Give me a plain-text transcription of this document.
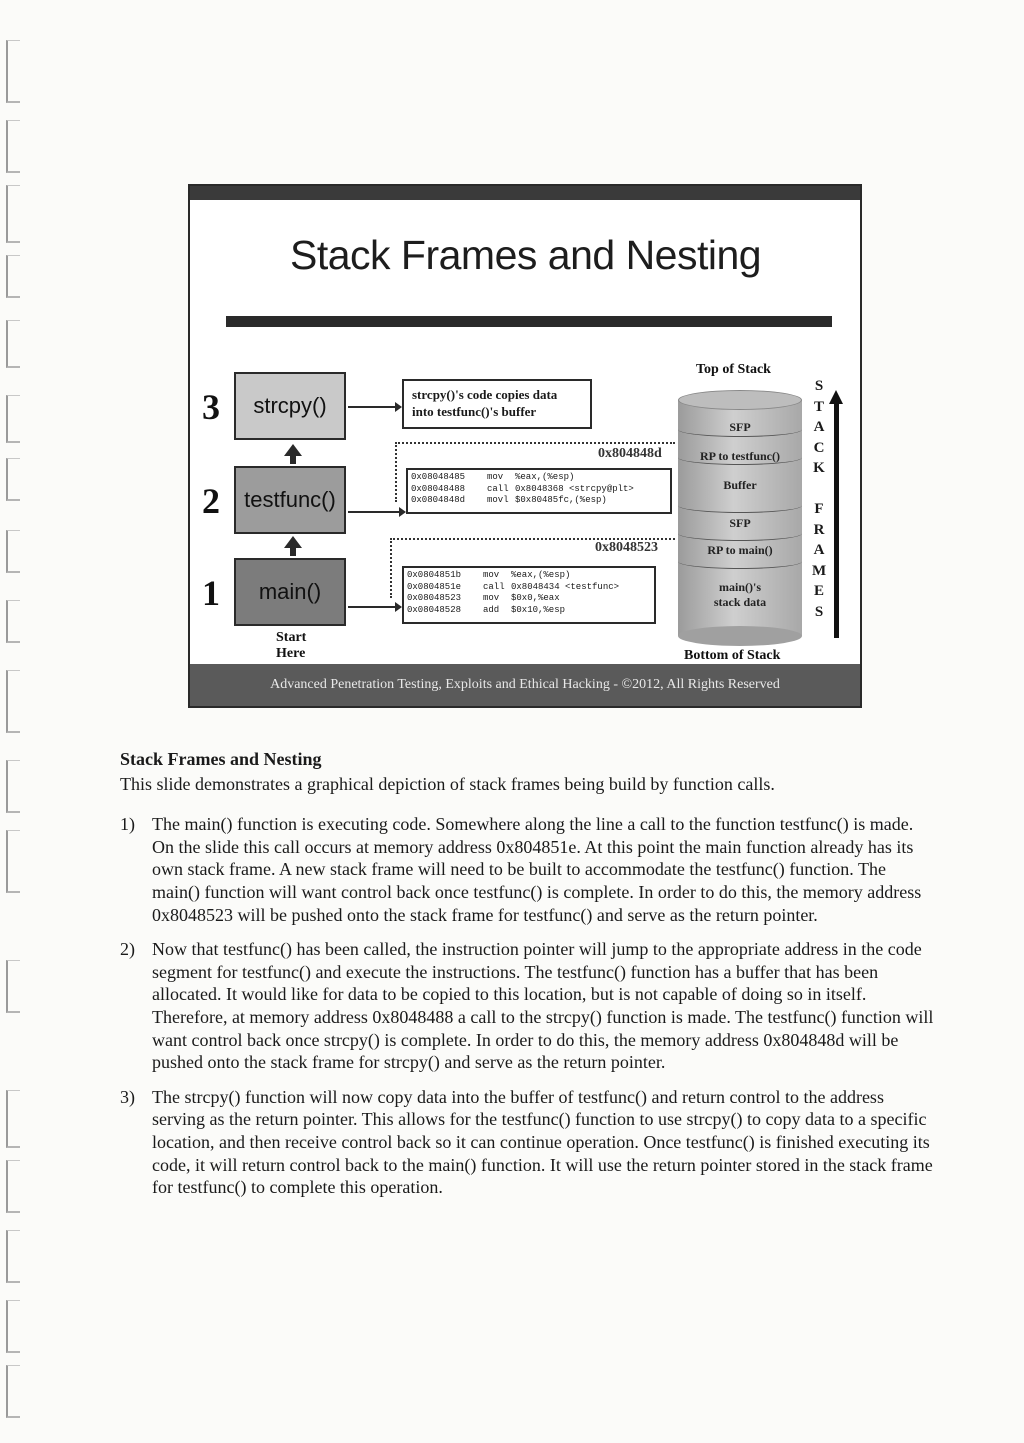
Stack Frames and Nesting
3	strcpy()
2	testfunc()
1	main()
Start Here
strcpy()'s code copies data into testfunc()'s buffer
0x804848d
0x08048485	mov	%eax,(%esp)
0x08048488	call 0x8048368 <strcpy@plt>
0x0804848d	movl $0x80485fc,(%esp)
0x8048523
0x0804851b	mov	%eax,(%esp)
0x0804851e	call 0x8048434 <testfunc>
0x08048523	mov	$0x0,%eax
0x08048528	add	$0x10,%esp
Top of Stack
SFP
RP to testfunc()
Buffer
SFP
RP to main()
main()'s stack data
Bottom of Stack
S
T
A
C
K
F
R
A
M
E
S
Advanced Penetration Testing, Exploits and Ethical Hacking - ©2012, All Rights Reserved

Stack Frames and Nesting

This slide demonstrates a graphical depiction of stack frames being build by function calls.

1) The main() function is executing code. Somewhere along the line a call to the function testfunc() is made. On the slide this call occurs at memory address 0x804851e. At this point the main function already has its own stack frame. A new stack frame will need to be built to accommodate the testfunc() function. The main() function will want control back once testfunc() is complete. In order to do this, the memory address 0x8048523 will be pushed onto the stack frame for testfunc() and serve as the return pointer.
2) Now that testfunc() has been called, the instruction pointer will jump to the appropriate address in the code segment for testfunc() and execute the instructions. The testfunc() function has a buffer that has been allocated. It would like for data to be copied to this location, but is not capable of doing so in itself. Therefore, at memory address 0x8048488 a call to the strcpy() function is made. The testfunc() function will want control back once strcpy() is complete. In order to do this, the memory address 0x804848d will be pushed onto the stack frame for strcpy() and serve as the return pointer.
3) The strcpy() function will now copy data into the buffer of testfunc() and return control to the address serving as the return pointer. This allows for the testfunc() function to use strcpy() to copy data to a specific location, and then receive control back so it can continue operation. Once testfunc() is finished executing its code, it will return control back to the main() function. It will use the return pointer stored in the stack frame for testfunc() to complete this operation.
